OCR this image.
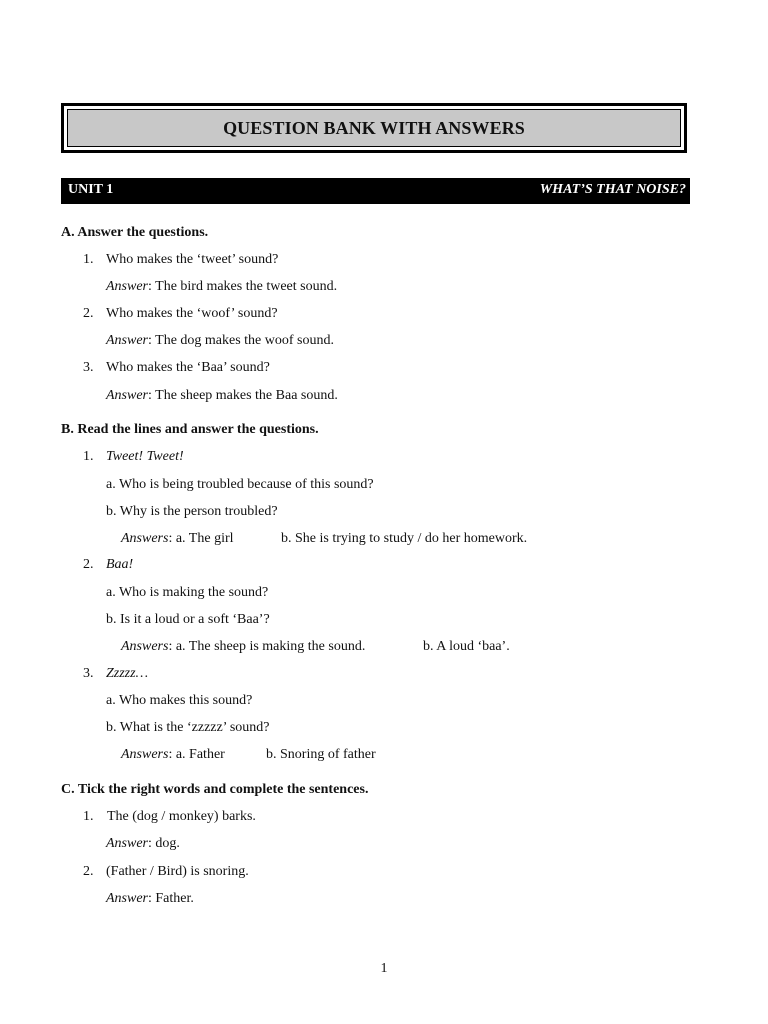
QUESTION BANK WITH ANSWERS
UNIT 1	WHAT’S THAT NOISE?
A. Answer the questions.
1. Who makes the ‘tweet’ sound?
Answer: The bird makes the tweet sound.
2. Who makes the ‘woof’ sound?
Answer: The dog makes the woof sound.
3. Who makes the ‘Baa’ sound?
Answer: The sheep makes the Baa sound.
B. Read the lines and answer the questions.
1. Tweet! Tweet!
a. Who is being troubled because of this sound?
b. Why is the person troubled?
Answers: a. The girl	b. She is trying to study / do her homework.
2. Baa!
a. Who is making the sound?
b. Is it a loud or a soft ‘Baa’?
Answers: a. The sheep is making the sound.	b. A loud ‘baa’.
3. Zzzzz…
a. Who makes this sound?
b. What is the ‘zzzzz’ sound?
Answers: a. Father	b. Snoring of father
C. Tick the right words and complete the sentences.
1. The (dog / monkey) barks.
Answer: dog.
2. (Father / Bird) is snoring.
Answer: Father.
1
